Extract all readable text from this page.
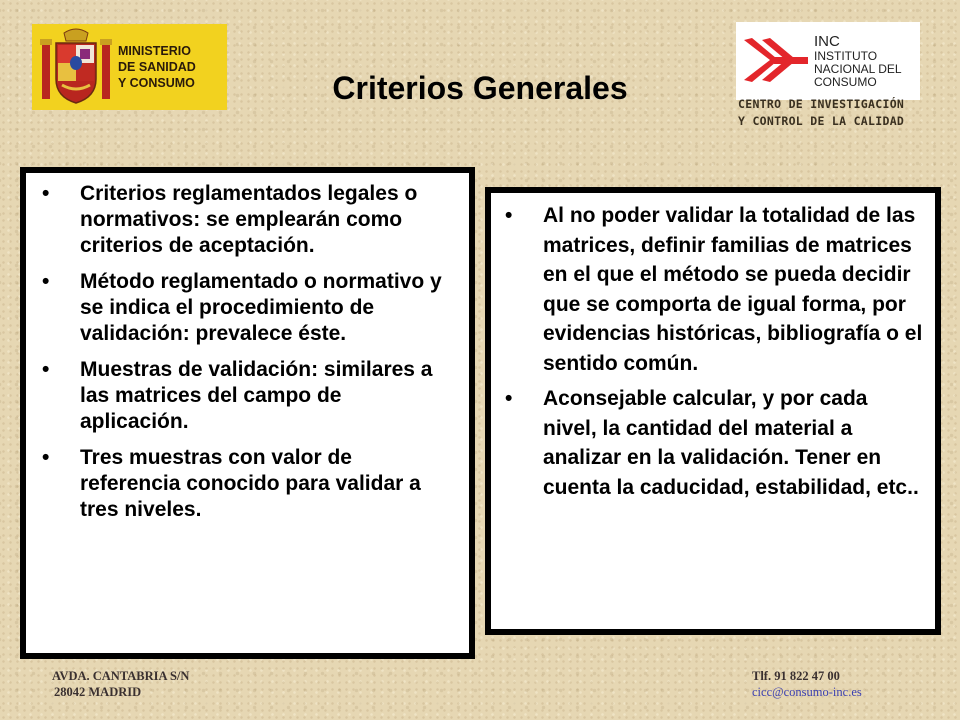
MINISTERIO
DE SANIDAD
Y CONSUMO
INC
INSTITUTO
NACIONAL DEL
CONSUMO
CENTRO DE INVESTIGACIÓN
Y CONTROL DE LA CALIDAD
Criterios Generales
• Criterios reglamentados legales o normativos: se emplearán como criterios de aceptación.
• Método reglamentado o normativo y se indica el procedimiento de validación: prevalece éste.
• Muestras de validación: similares a las matrices del campo de aplicación.
• Tres muestras con valor de referencia conocido para validar a tres niveles.
• Al no poder validar la totalidad de las matrices, definir familias de matrices en el que el método se pueda decidir que se comporta de igual forma, por evidencias históricas, bibliografía o el sentido común.
• Aconsejable calcular, y por cada nivel, la cantidad del material a analizar en la validación. Tener en cuenta la caducidad, estabilidad, etc..
AVDA. CANTABRIA S/N
28042 MADRID
Tlf. 91 822 47 00
cicc@consumo-inc.es
